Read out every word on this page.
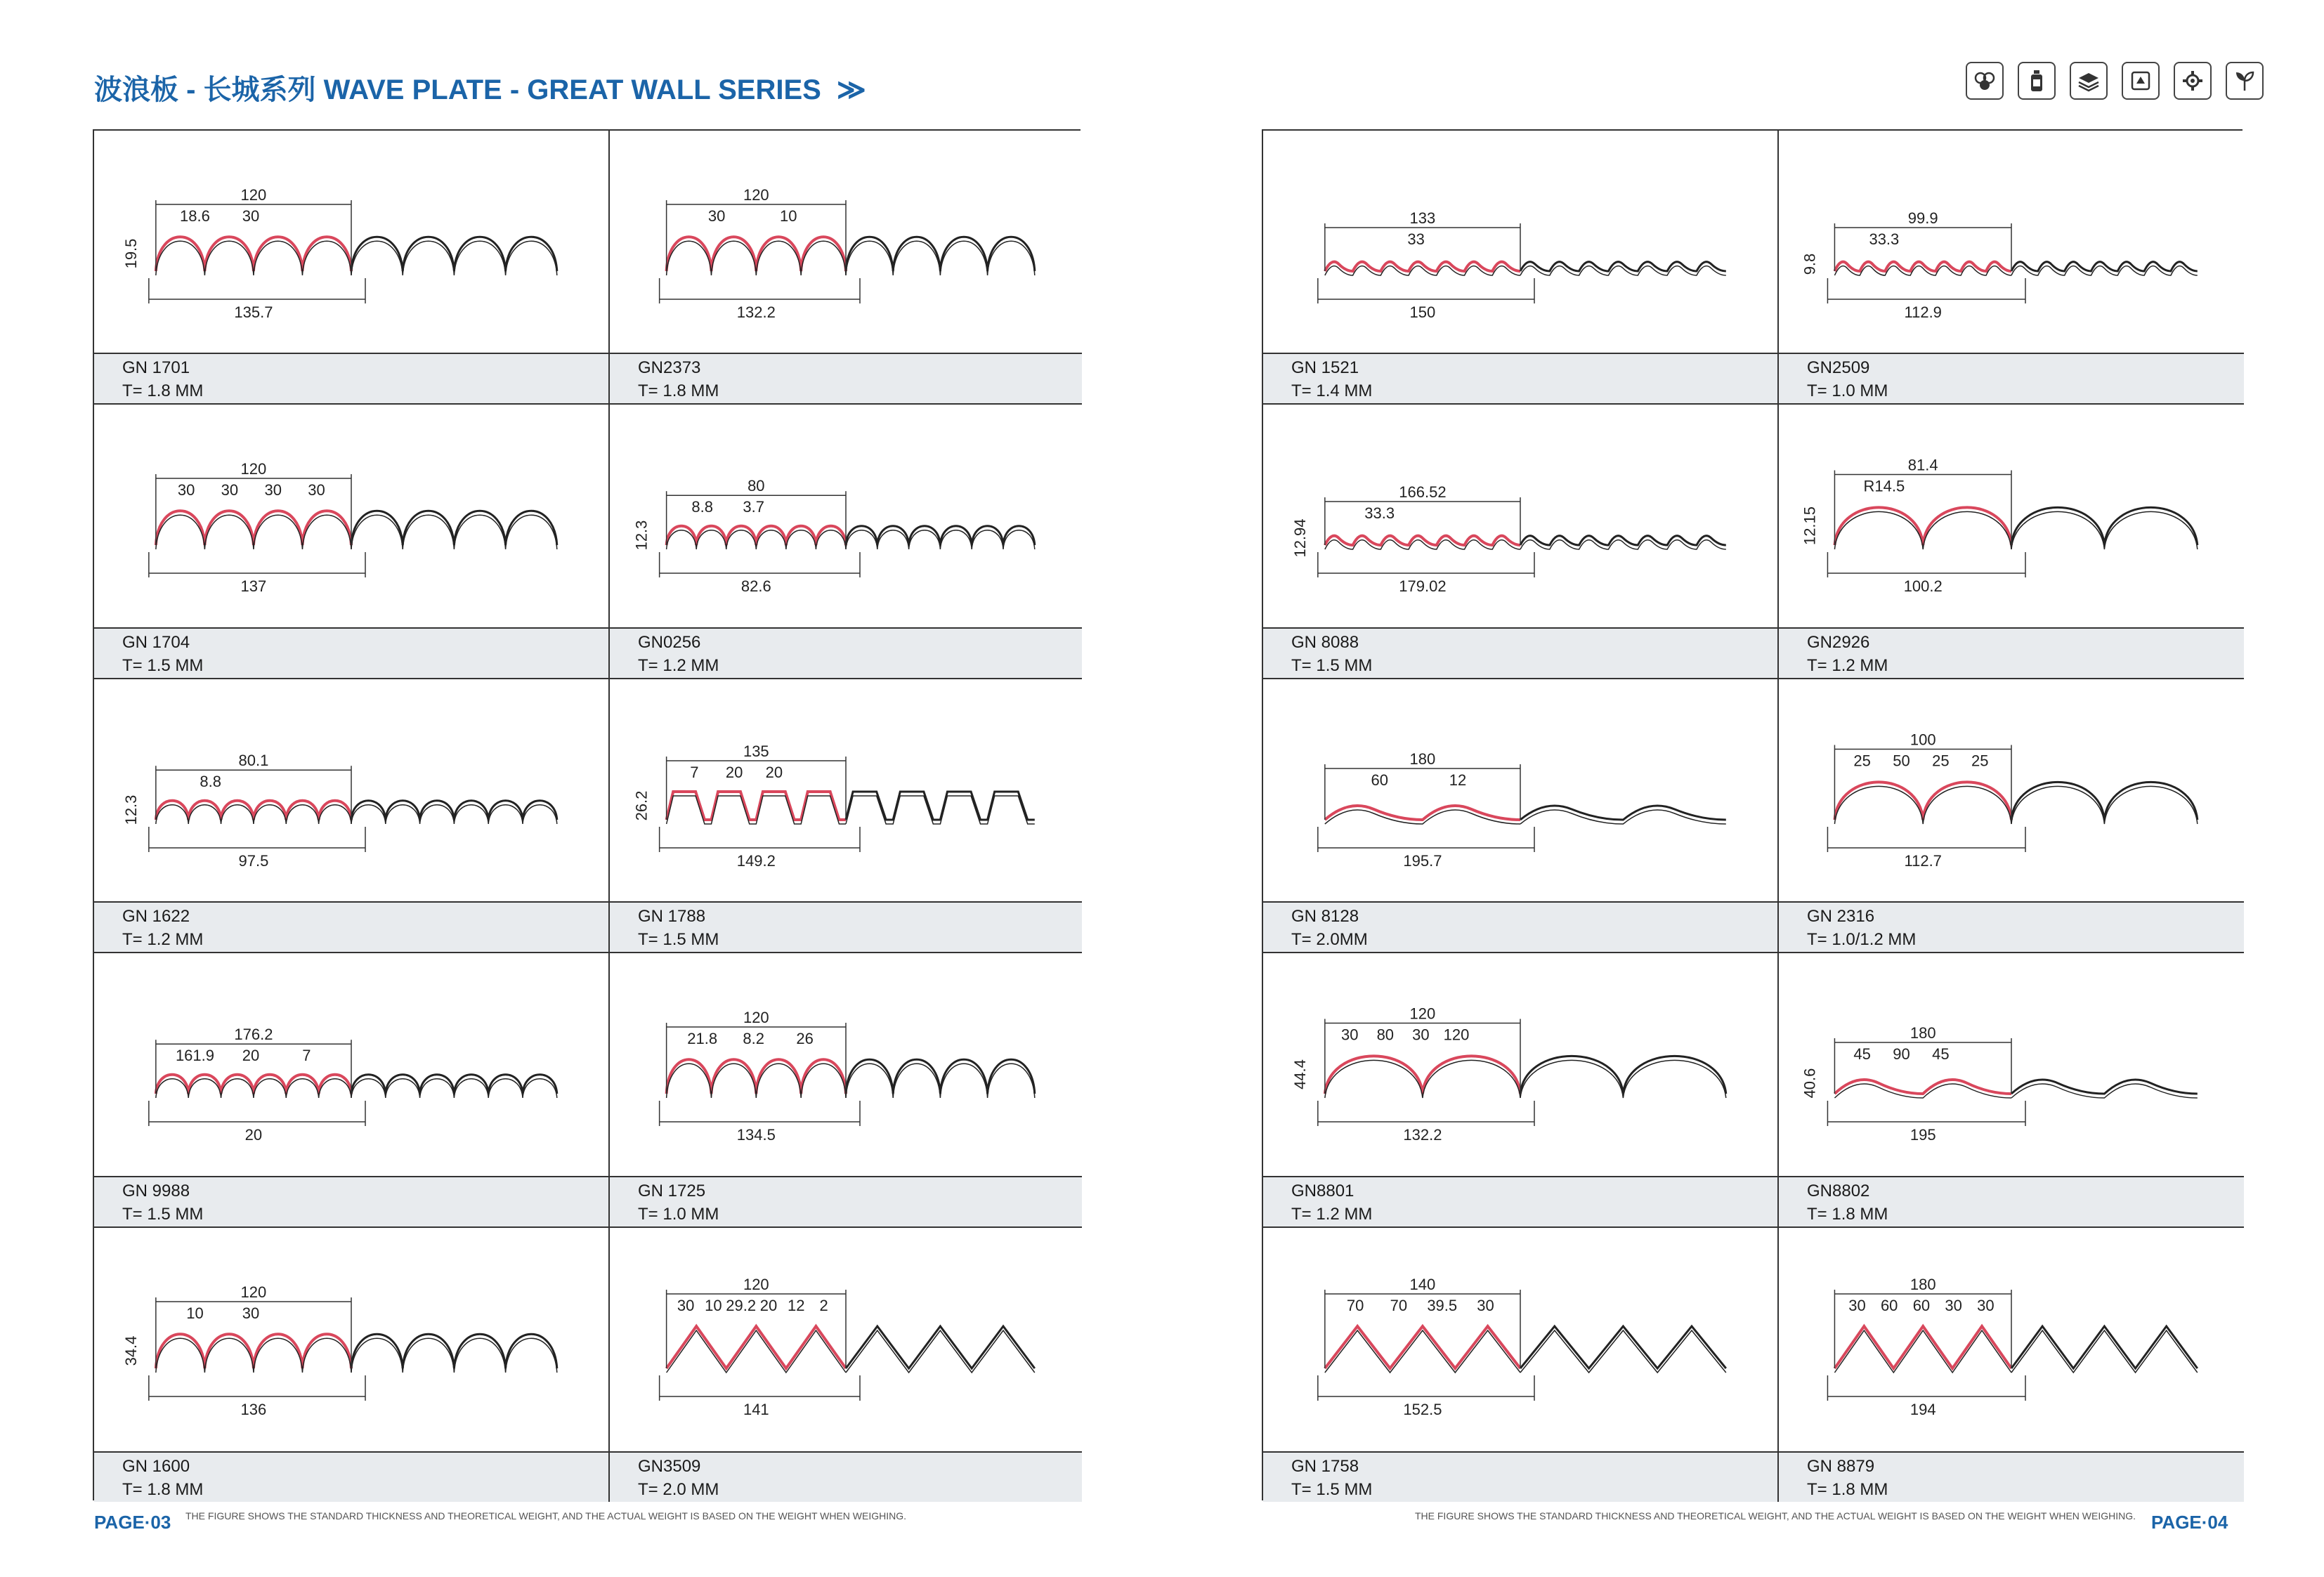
波浪板 - 长城系列 WAVE PLATE - GREAT WALL SERIES ≫
120
135.7
18.6 30
19.5
GN 1701
T= 1.8 MM
120
132.2
30	10
GN2373
T= 1.8 MM
120
137
30 30 30 30
GN 1704
T= 1.5 MM
80
82.6
8.8 3.7
12.3
GN0256
T= 1.2 MM
80.1
97.5
8.8
12.3
GN 1622
T= 1.2 MM
135
149.2
7 20 20
26.2
GN 1788
T= 1.5 MM
176.2
20
161.9 20	7
GN 9988
T= 1.5 MM
120
134.5
21.8 8.2 26
GN 1725
T= 1.0 MM
120
136
10 30
34.4
GN 1600
T= 1.8 MM
120
141
30 10 29.2 20 12 2
GN3509
T= 2.0 MM
133
150
33
GN 1521
T= 1.4 MM
99.9
112.9
33.3
9.8
GN2509
T= 1.0 MM
166.52
179.02
33.3
12.94
GN 8088
T= 1.5 MM
81.4
100.2
R14.5
12.15
GN2926
T= 1.2 MM
180
195.7
60	12
GN 8128
T= 2.0MM
100
112.7
25 50 25 25
GN 2316
T= 1.0/1.2 MM
120
132.2
30 80 30 120
44.4
GN8801
T= 1.2 MM
180
195
45 90 45
40.6
GN8802
T= 1.8 MM
140
152.5
70 70 39.5 30
GN 1758
T= 1.5 MM
180
194
30 60 60 30 30
GN 8879
T= 1.8 MM
PAGE·03 THE FIGURE SHOWS THE STANDARD THICKNESS AND THEORETICAL WEIGHT, AND THE ACTUAL WEIGHT IS BASED ON THE WEIGHT WHEN WEIGHING.	THE FIGURE SHOWS THE STANDARD THICKNESS AND THEORETICAL WEIGHT, AND THE ACTUAL WEIGHT IS BASED ON THE WEIGHT WHEN WEIGHING. PAGE·04
